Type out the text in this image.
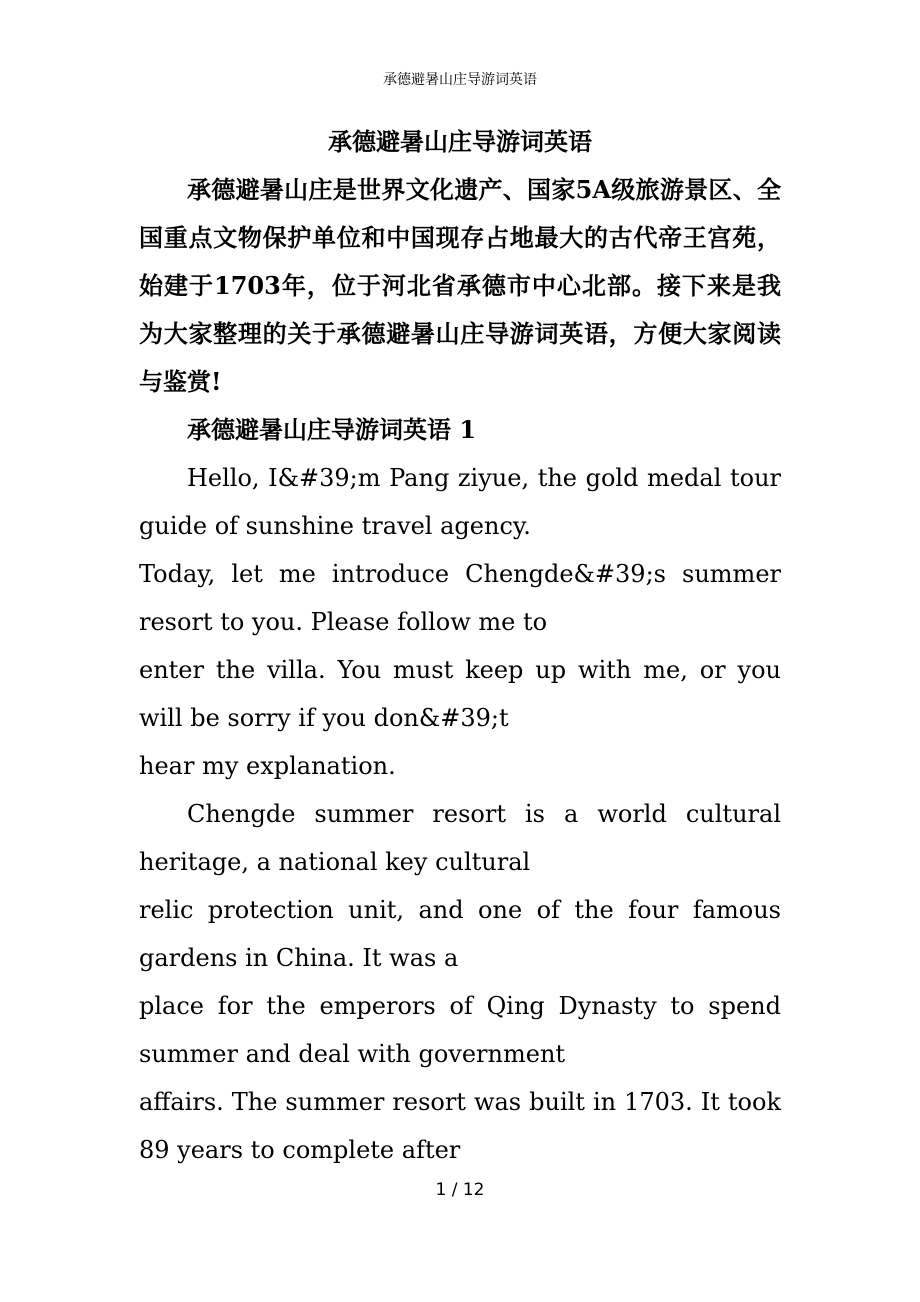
承德避暑山庄导游词英语
承德避暑山庄导游词英语

承德避暑山庄是世界文化遗产、国家5A级旅游景区、全国重点文物保护单位和中国现存占地最大的古代帝王宫苑，始建于1703年，位于河北省承德市中心北部。接下来是我为大家整理的关于承德避暑山庄导游词英语，方便大家阅读与鉴赏!

承德避暑山庄导游词英语 1

Hello, I&#39;m Pang ziyue, the gold medal tour guide of sunshine travel agency.

Today, let me introduce Chengde&#39;s summer resort to you. Please follow me to

enter the villa. You must keep up with me, or you will be sorry if you don&#39;t

hear my explanation.

Chengde summer resort is a world cultural heritage, a national key cultural

relic protection unit, and one of the four famous gardens in China. It was a

place for the emperors of Qing Dynasty to spend summer and deal with government

affairs. The summer resort was built in 1703. It took 89 years to complete after

1 / 12
